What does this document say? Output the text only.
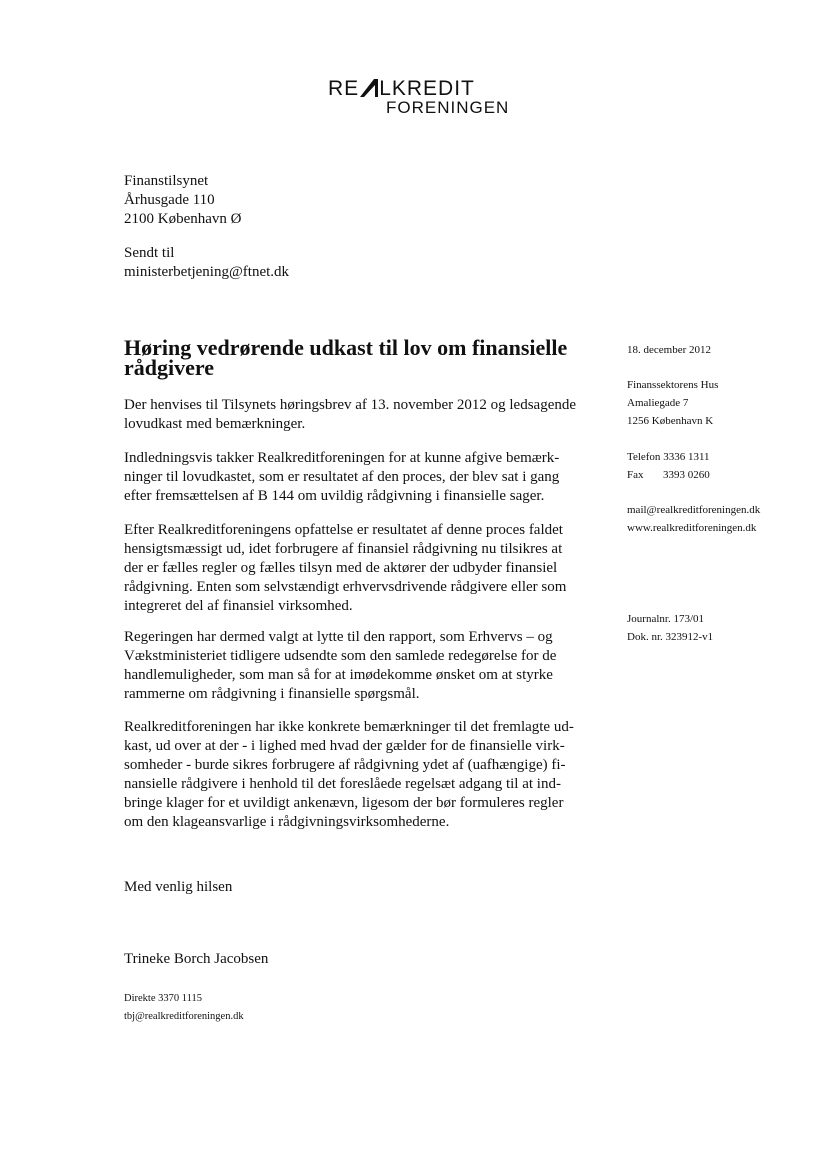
RE LKREDIT
FORENINGEN
Finanstilsynet
Århusgade 110
2100 København Ø
Sendt til
ministerbetjening@ftnet.dk
Høring vedrørende udkast til lov om finansielle rådgivere
Der henvises til Tilsynets høringsbrev af 13. november 2012 og ledsagende
lovudkast med bemærkninger.
Indledningsvis takker Realkreditforeningen for at kunne afgive bemærk-
ninger til lovudkastet, som er resultatet af den proces, der blev sat i gang
efter fremsættelsen af B 144 om uvildig rådgivning i finansielle sager.
Efter Realkreditforeningens opfattelse er resultatet af denne proces faldet
hensigtsmæssigt ud, idet forbrugere af finansiel rådgivning nu tilsikres at
der er fælles regler og fælles tilsyn med de aktører der udbyder finansiel
rådgivning. Enten som selvstændigt erhvervsdrivende rådgivere eller som
integreret del af finansiel virksomhed.
Regeringen har dermed valgt at lytte til den rapport, som Erhvervs – og
Vækstministeriet tidligere udsendte som den samlede redegørelse for de
handlemuligheder, som man så for at imødekomme ønsket om at styrke
rammerne om rådgivning i finansielle spørgsmål.
Realkreditforeningen har ikke konkrete bemærkninger til det fremlagte ud-
kast, ud over at der - i lighed med hvad der gælder for de finansielle virk-
somheder - burde sikres forbrugere af rådgivning ydet af (uafhængige) fi-
nansielle rådgivere i henhold til det foreslåede regelsæt adgang til at ind-
bringe klager for et uvildigt ankenævn, ligesom der bør formuleres regler
om den klageansvarlige i rådgivningsvirksomhederne.
18. december 2012
Finanssektorens Hus
Amaliegade 7
1256 København K
Telefon 3336 1311
Fax 3393 0260
mail@realkreditforeningen.dk
www.realkreditforeningen.dk
Journalnr. 173/01
Dok. nr. 323912-v1
Med venlig hilsen
Trineke Borch Jacobsen
Direkte 3370 1115
tbj@realkreditforeningen.dk
